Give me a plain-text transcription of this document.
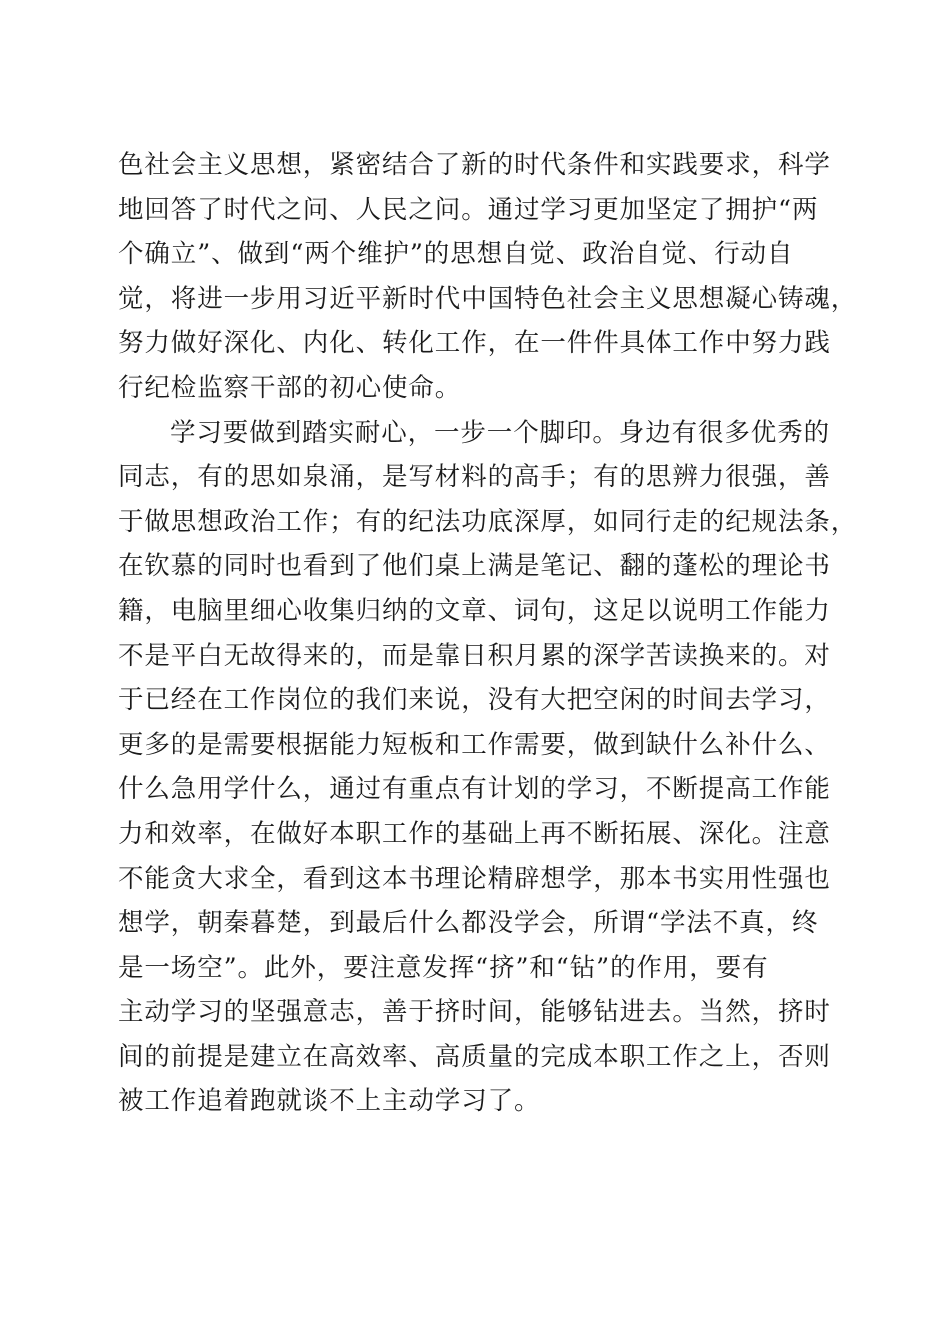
色社会主义思想，紧密结合了新的时代条件和实践要求，科学
地回答了时代之问、人民之问。通过学习更加坚定了拥护“两
个确立”、做到“两个维护”的思想自觉、政治自觉、行动自
觉，将进一步用习近平新时代中国特色社会主义思想凝心铸魂，
努力做好深化、内化、转化工作，在一件件具体工作中努力践
行纪检监察干部的初心使命。
学习要做到踏实耐心，一步一个脚印。身边有很多优秀的
同志，有的思如泉涌，是写材料的高手；有的思辨力很强，善
于做思想政治工作；有的纪法功底深厚，如同行走的纪规法条，
在钦慕的同时也看到了他们桌上满是笔记、翻的蓬松的理论书
籍，电脑里细心收集归纳的文章、词句，这足以说明工作能力
不是平白无故得来的，而是靠日积月累的深学苦读换来的。对
于已经在工作岗位的我们来说，没有大把空闲的时间去学习，
更多的是需要根据能力短板和工作需要，做到缺什么补什么、
什么急用学什么，通过有重点有计划的学习，不断提高工作能
力和效率，在做好本职工作的基础上再不断拓展、深化。注意
不能贪大求全，看到这本书理论精辟想学，那本书实用性强也
想学，朝秦暮楚，到最后什么都没学会，所谓“学法不真，终
是一场空”。此外，要注意发挥“挤”和“钻”的作用，要有
主动学习的坚强意志，善于挤时间，能够钻进去。当然，挤时
间的前提是建立在高效率、高质量的完成本职工作之上，否则
被工作追着跑就谈不上主动学习了。
